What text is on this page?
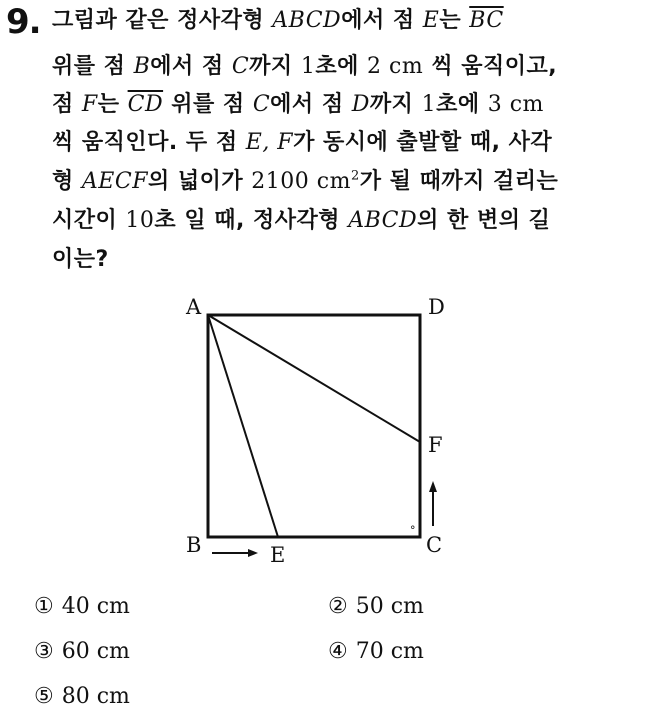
9. 그림과 같은 정사각형 ABCD에서 점 E는 $\overline{BC}$
위를 점 B에서 점 C까지 1초에 2 cm 씩 움직이고,
점 F는 $\overline{CD}$ 위를 점 C에서 점 D까지 1초에 3 cm
씩 움직인다. 두 점 E, F가 동시에 출발할 때, 사각
형 AECF의 넓이가 2100 $cm^2$가 될 때까지 걸리는
시간이 10초 일 때, 정사각형 ABCD의 한 변의 길
이는?
A	D
F
B	C
E
°
① 40 cm	② 50 cm
③ 60 cm	④ 70 cm
⑤ 80 cm
